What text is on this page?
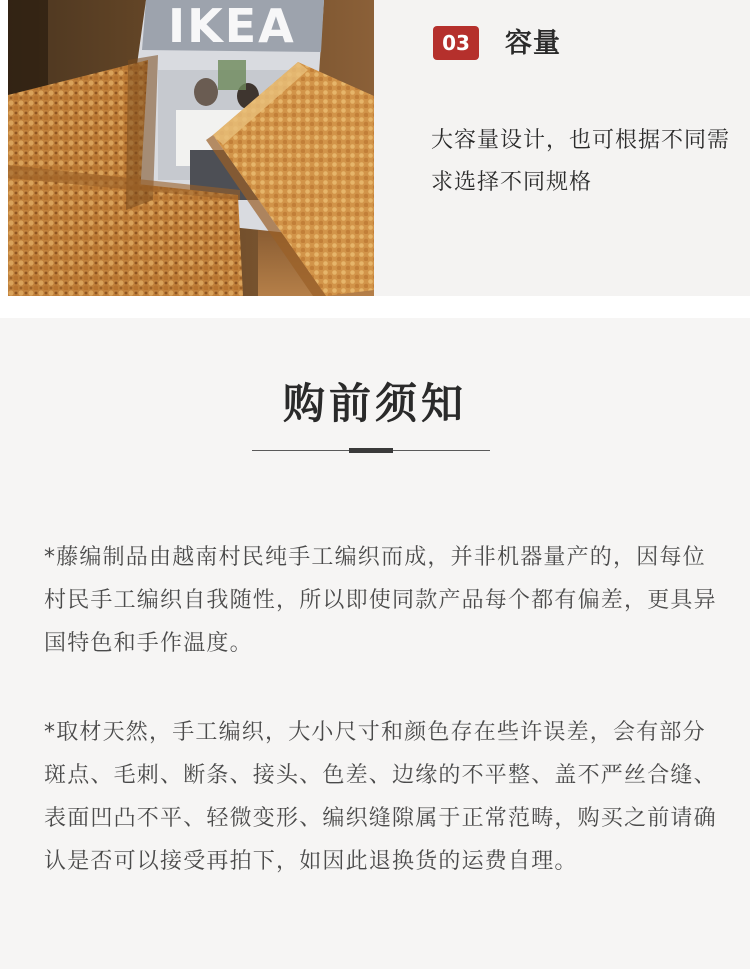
IKEA	03	容量
大容量设计，也可根据不同需求选择不同规格
购前须知
*藤编制品由越南村民纯手工编织而成，并非机器量产的，因每位村民手工编织自我随性，所以即使同款产品每个都有偏差，更具异国特色和手作温度。
*取材天然，手工编织，大小尺寸和颜色存在些许误差，会有部分斑点、毛刺、断条、接头、色差、边缘的不平整、盖不严丝合缝、表面凹凸不平、轻微变形、编织缝隙属于正常范畴，购买之前请确认是否可以接受再拍下，如因此退换货的运费自理。
